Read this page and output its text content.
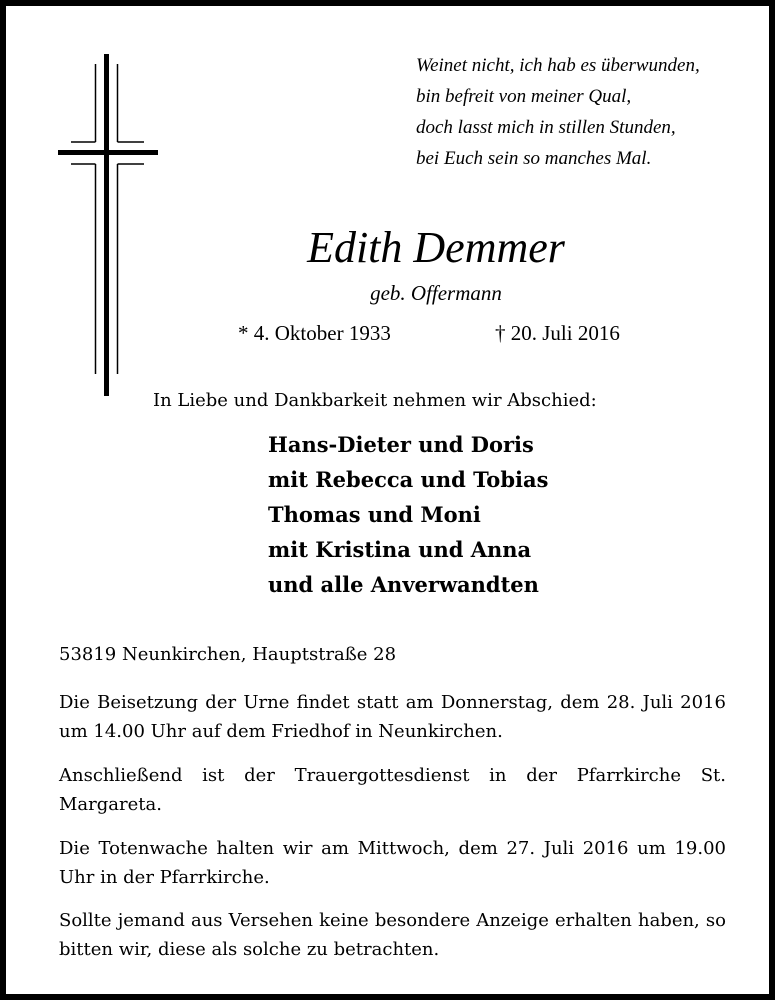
Weinet nicht, ich hab es überwunden,
bin befreit von meiner Qual,
doch lasst mich in stillen Stunden,
bei Euch sein so manches Mal.
Edith Demmer
geb. Offermann
* 4. Oktober 1933	† 20. Juli 2016
In Liebe und Dankbarkeit nehmen wir Abschied:
Hans-Dieter und Doris
mit Rebecca und Tobias
Thomas und Moni
mit Kristina und Anna
und alle Anverwandten
53819 Neunkirchen, Hauptstraße 28
Die Beisetzung der Urne findet statt am Donnerstag, dem 28. Juli 2016 um 14.00 Uhr auf dem Friedhof in Neunkirchen.
Anschließend ist der Trauergottesdienst in der Pfarrkirche St. Margareta.
Die Totenwache halten wir am Mittwoch, dem 27. Juli 2016 um 19.00 Uhr in der Pfarrkirche.
Sollte jemand aus Versehen keine besondere Anzeige erhalten haben, so bitten wir, diese als solche zu betrachten.
